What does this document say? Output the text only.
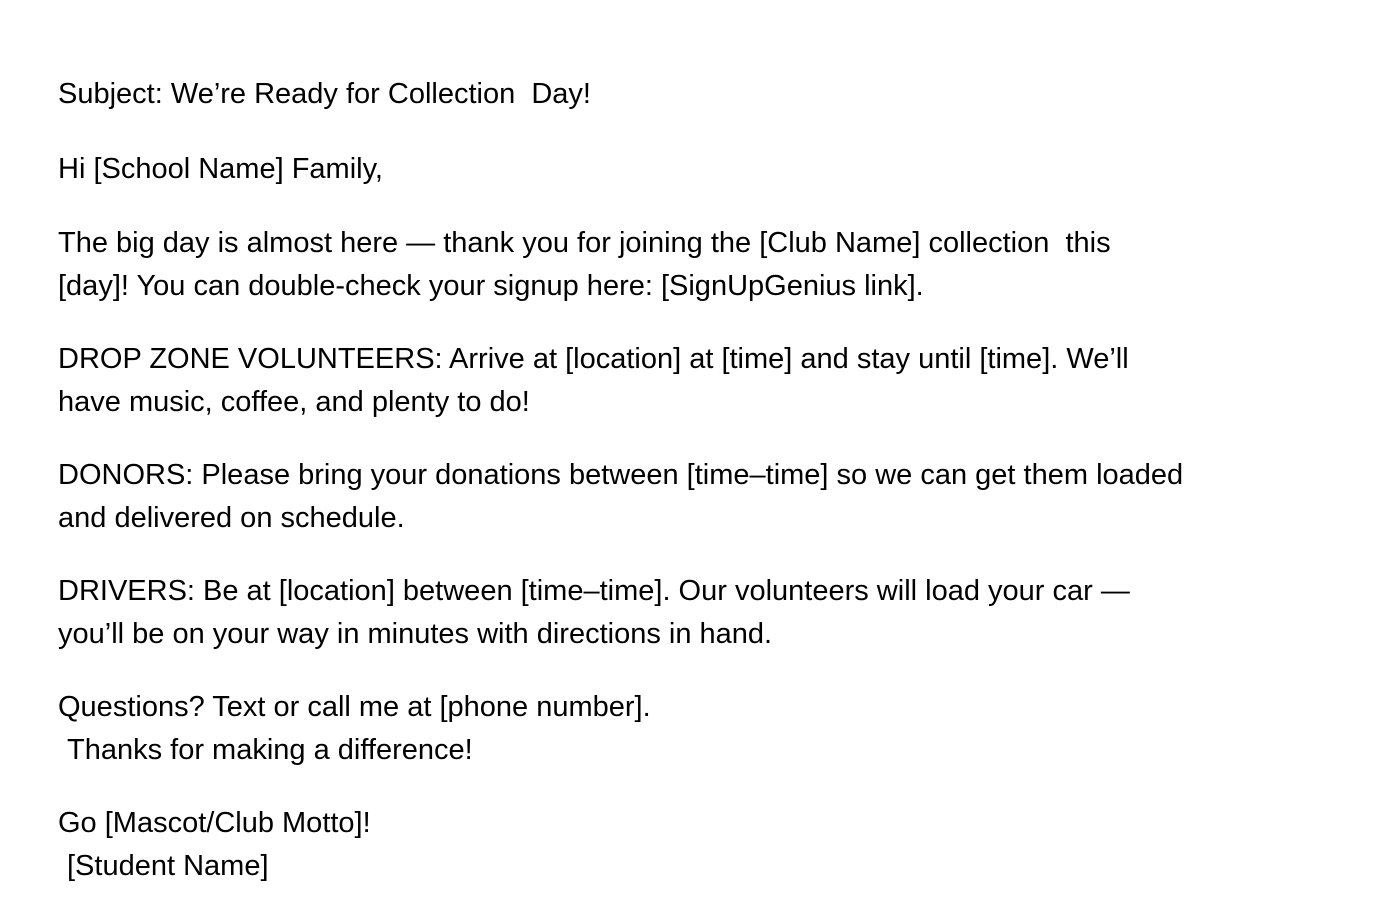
Subject: We’re Ready for Collection  Day!

Hi [School Name] Family,

The big day is almost here — thank you for joining the [Club Name] collection  this
[day]! You can double-check your signup here: [SignUpGenius link].

DROP ZONE VOLUNTEERS: Arrive at [location] at [time] and stay until [time]. We’ll
have music, coffee, and plenty to do!

DONORS: Please bring your donations between [time–time] so we can get them loaded
and delivered on schedule.

DRIVERS: Be at [location] between [time–time]. Our volunteers will load your car —
you’ll be on your way in minutes with directions in hand.

Questions? Text or call me at [phone number].
Thanks for making a difference!

Go [Mascot/Club Motto]!
[Student Name]
